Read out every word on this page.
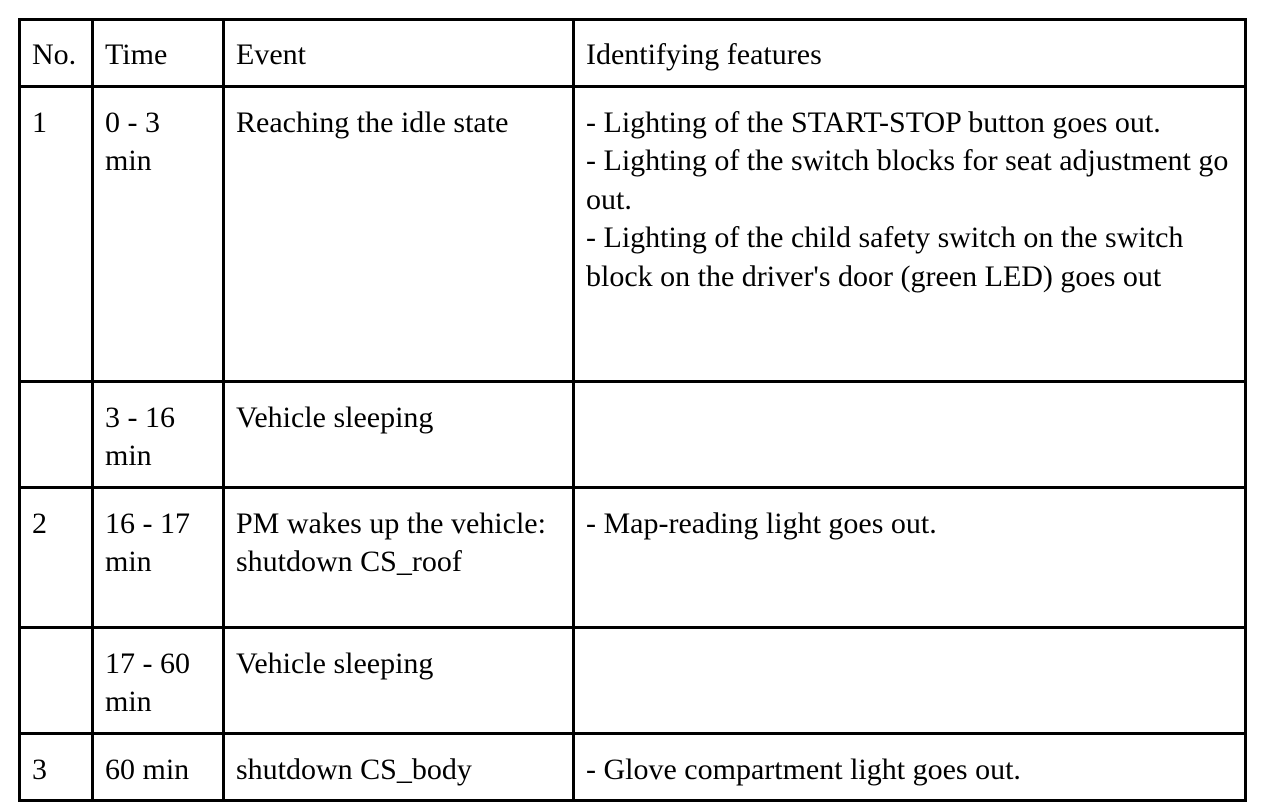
No.	Time	Event	Identifying features
1	0 - 3 min	Reaching the idle state	- Lighting of the START-STOP button goes out.
- Lighting of the switch blocks for seat adjustment go out.
- Lighting of the child safety switch on the switch block on the driver's door (green LED) goes out

	3 - 16 min	Vehicle sleeping	
2	16 - 17 min	PM wakes up the vehicle: shutdown CS_roof	- Map-reading light goes out.

	17 - 60 min	Vehicle sleeping	
3	60 min	shutdown CS_body	- Glove compartment light goes out.
